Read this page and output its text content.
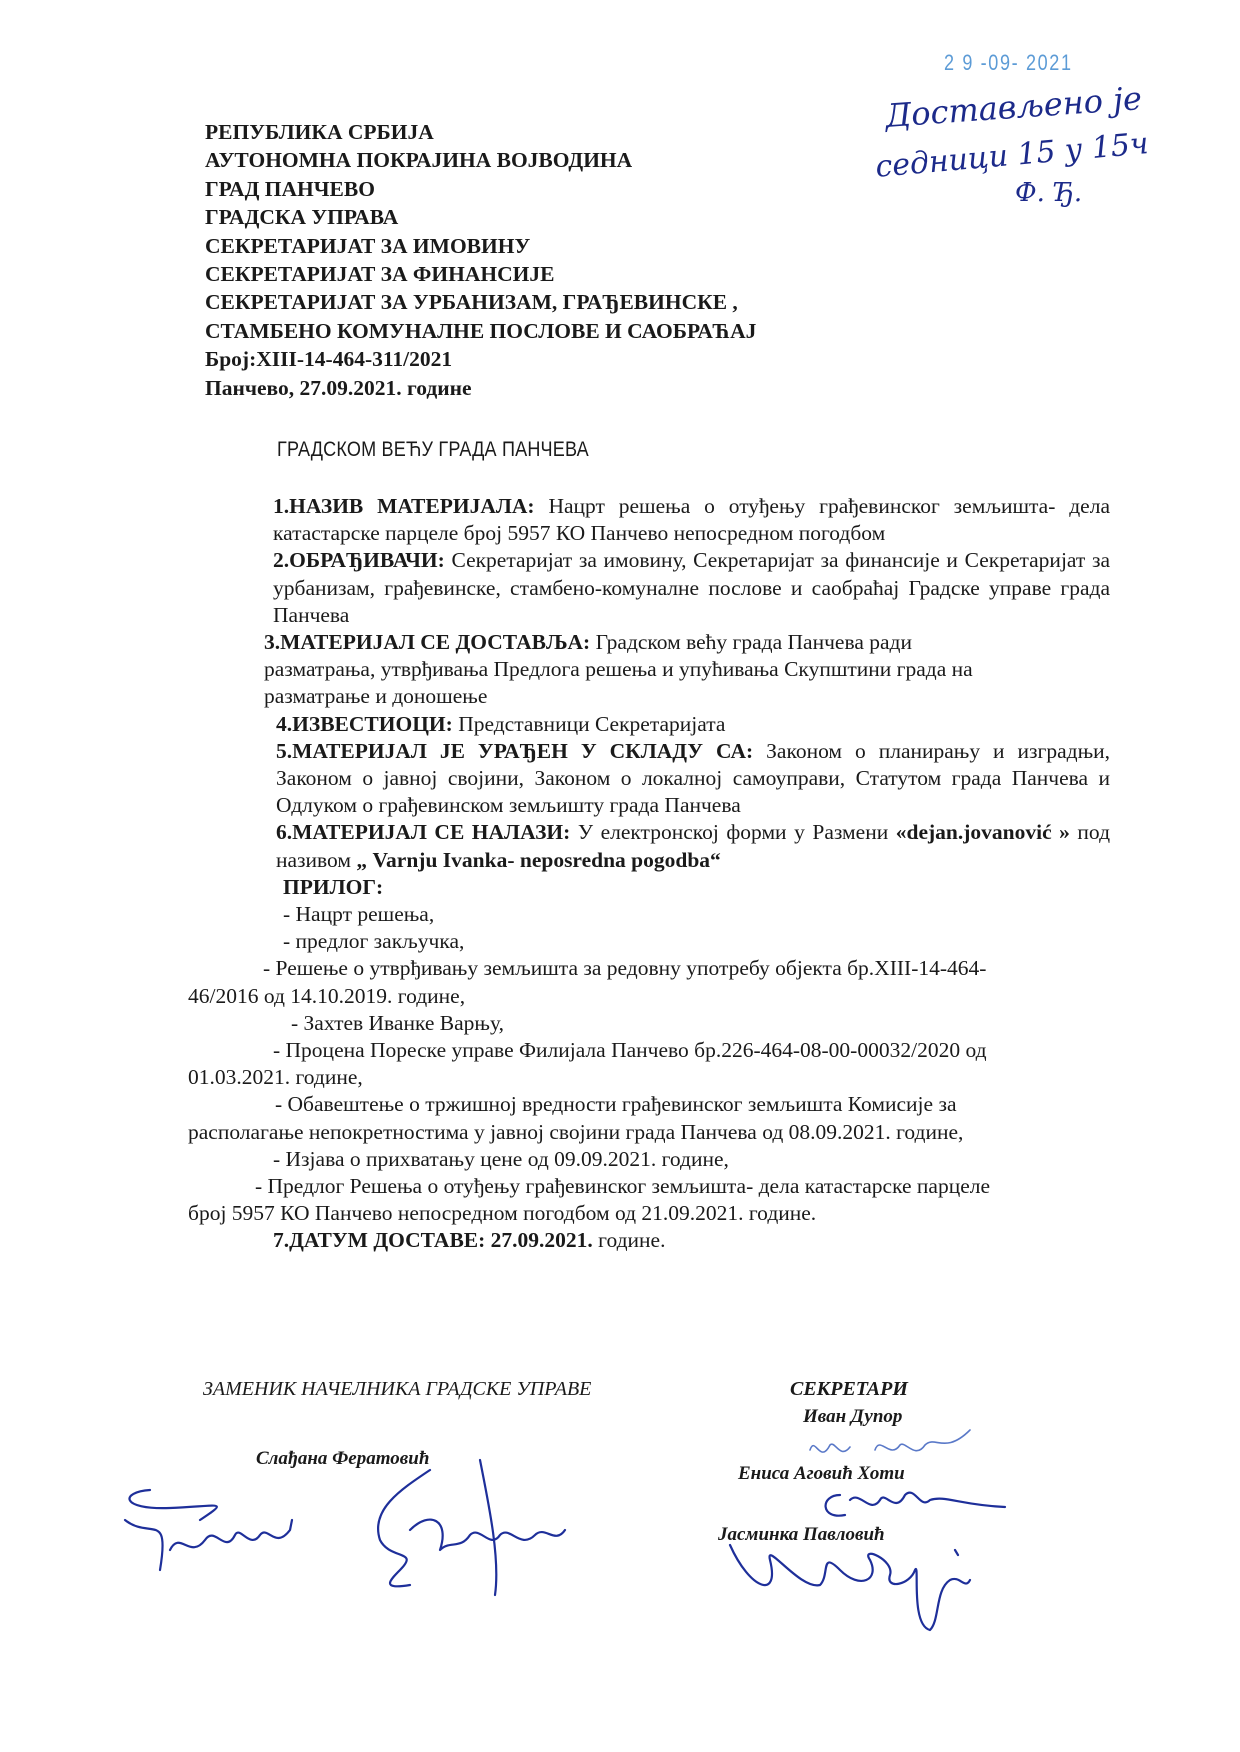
2 9 -09- 2021
Достављено је
седници 15 у 15ч
Ф. Ђ.
РЕПУБЛИКА СРБИЈА
АУТОНОМНА ПОКРАЈИНА ВОЈВОДИНА
ГРАД ПАНЧЕВО
ГРАДСКА УПРАВА
СЕКРЕТАРИЈАТ ЗА ИМОВИНУ
СЕКРЕТАРИЈАТ ЗА ФИНАНСИЈЕ
СЕКРЕТАРИЈАТ ЗА УРБАНИЗАМ, ГРАЂЕВИНСКЕ ,
СТАМБЕНО КОМУНАЛНЕ ПОСЛОВЕ И САОБРАЋАЈ
Број:XIII-14-464-311/2021
Панчево, 27.09.2021. године
ГРАДСКОМ ВЕЋУ ГРАДА ПАНЧЕВА
1.НАЗИВ МАТЕРИЈАЛА: Нацрт решења о отуђењу грађевинског земљишта- дела катастарске парцеле број 5957 КО Панчево непосредном погодбом
2.ОБРАЂИВАЧИ: Секретаријат за имовину, Секретаријат за финансије и Секретаријат за урбанизам, грађевинске, стамбено-комуналне послове и саобраћај Градске управе града Панчева
3.МАТЕРИЈАЛ СЕ ДОСТАВЉА: Градском већу града Панчева ради
разматрања, утврђивања Предлога решења и упућивања Скупштини града на
разматрање и доношење
4.ИЗВЕСТИОЦИ: Представници Секретаријата
5.МАТЕРИЈАЛ ЈЕ УРАЂЕН У СКЛАДУ СА: Законом о планирању и изградњи, Законом о јавној својини, Законом о локалној самоуправи, Статутом града Панчева и Одлуком о грађевинском земљишту града Панчева
6.МАТЕРИЈАЛ СЕ НАЛАЗИ: У електронској форми у Размени «dejan.jovanović » под називом „ Varnju Ivanka- neposredna pogodba“
ПРИЛОГ:
- Нацрт решења,
- предлог закључка,
- Решење о утврђивању земљишта за редовну употребу објекта бр.XIII-14-464-
46/2016 од 14.10.2019. године,
- Захтев Иванке Варњу,
- Процена Пореске управе Филијала Панчево бр.226-464-08-00-00032/2020 од
01.03.2021. године,
- Обавештење о тржишној вредности грађевинског земљишта Комисије за
располагање непокретностима у јавној својини града Панчева од 08.09.2021. године,
- Изјава о прихватању цене од 09.09.2021. године,
- Предлог Решења о отуђењу грађевинског земљишта- дела катастарске парцеле
број 5957 КО Панчево непосредном погодбом од 21.09.2021. године.
7.ДАТУМ ДОСТАВЕ: 27.09.2021. године.
ЗАМЕНИК НАЧЕЛНИКА ГРАДСКЕ УПРАВЕ	СЕКРЕТАРИ
Слађана Ферaтовић
Иван Дупор
Ениса Аговић Хоти
Јасминка Павловић
